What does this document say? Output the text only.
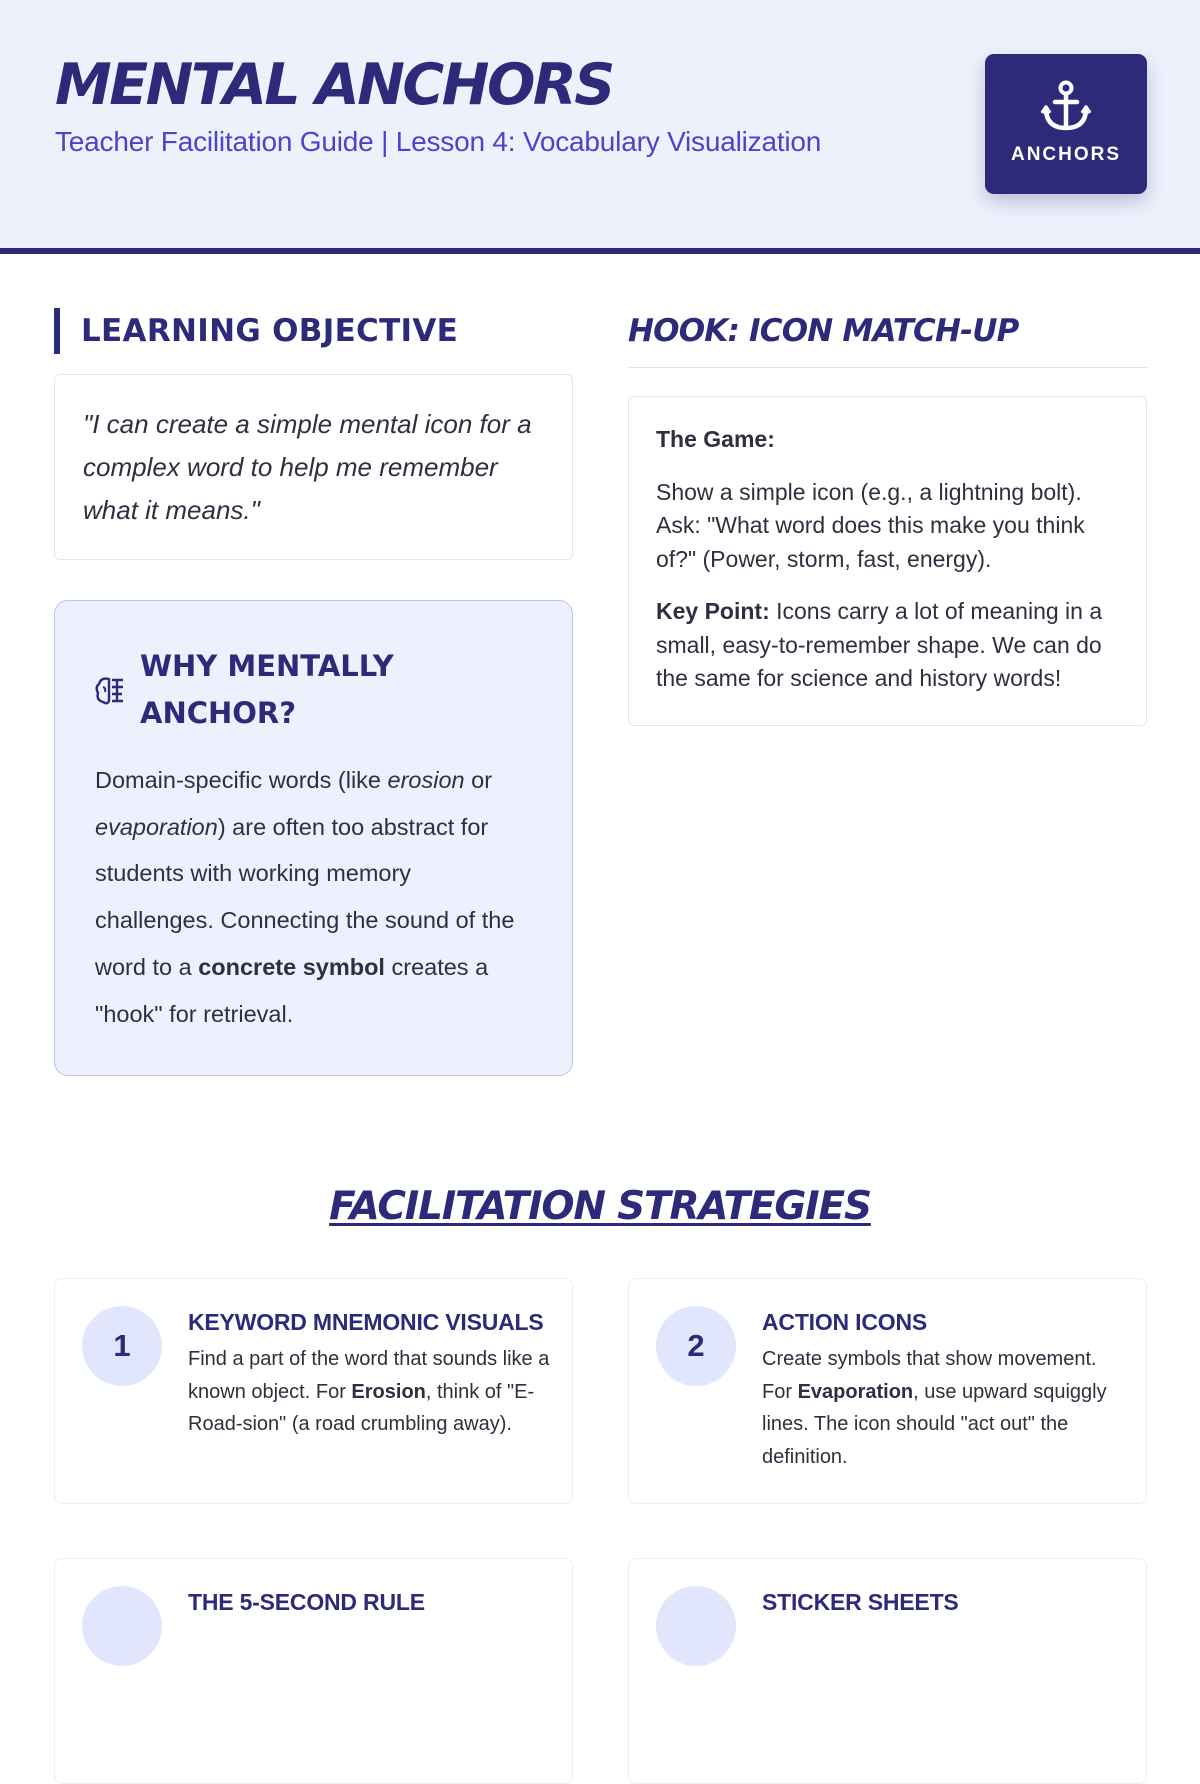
MENTAL ANCHORS
Teacher Facilitation Guide | Lesson 4: Vocabulary Visualization	ANCHORS
LEARNING OBJECTIVE
"I can create a simple mental icon for a complex word to help me remember what it means."
WHY MENTALLY ANCHOR?
Domain-specific words (like erosion or evaporation) are often too abstract for students with working memory challenges. Connecting the sound of the word to a concrete symbol creates a "hook" for retrieval.
HOOK: ICON MATCH-UP
The Game:

Show a simple icon (e.g., a lightning bolt). Ask: "What word does this make you think of?" (Power, storm, fast, energy).

Key Point: Icons carry a lot of meaning in a small, easy-to-remember shape. We can do the same for science and history words!

FACILITATION STRATEGIES
1
KEYWORD MNEMONIC VISUALS
Find a part of the word that sounds like a known object. For Erosion, think of "E-Road-sion" (a road crumbling away).
2
ACTION ICONS
Create symbols that show movement. For Evaporation, use upward squiggly lines. The icon should "act out" the definition.
THE 5-SECOND RULE	STICKER SHEETS
